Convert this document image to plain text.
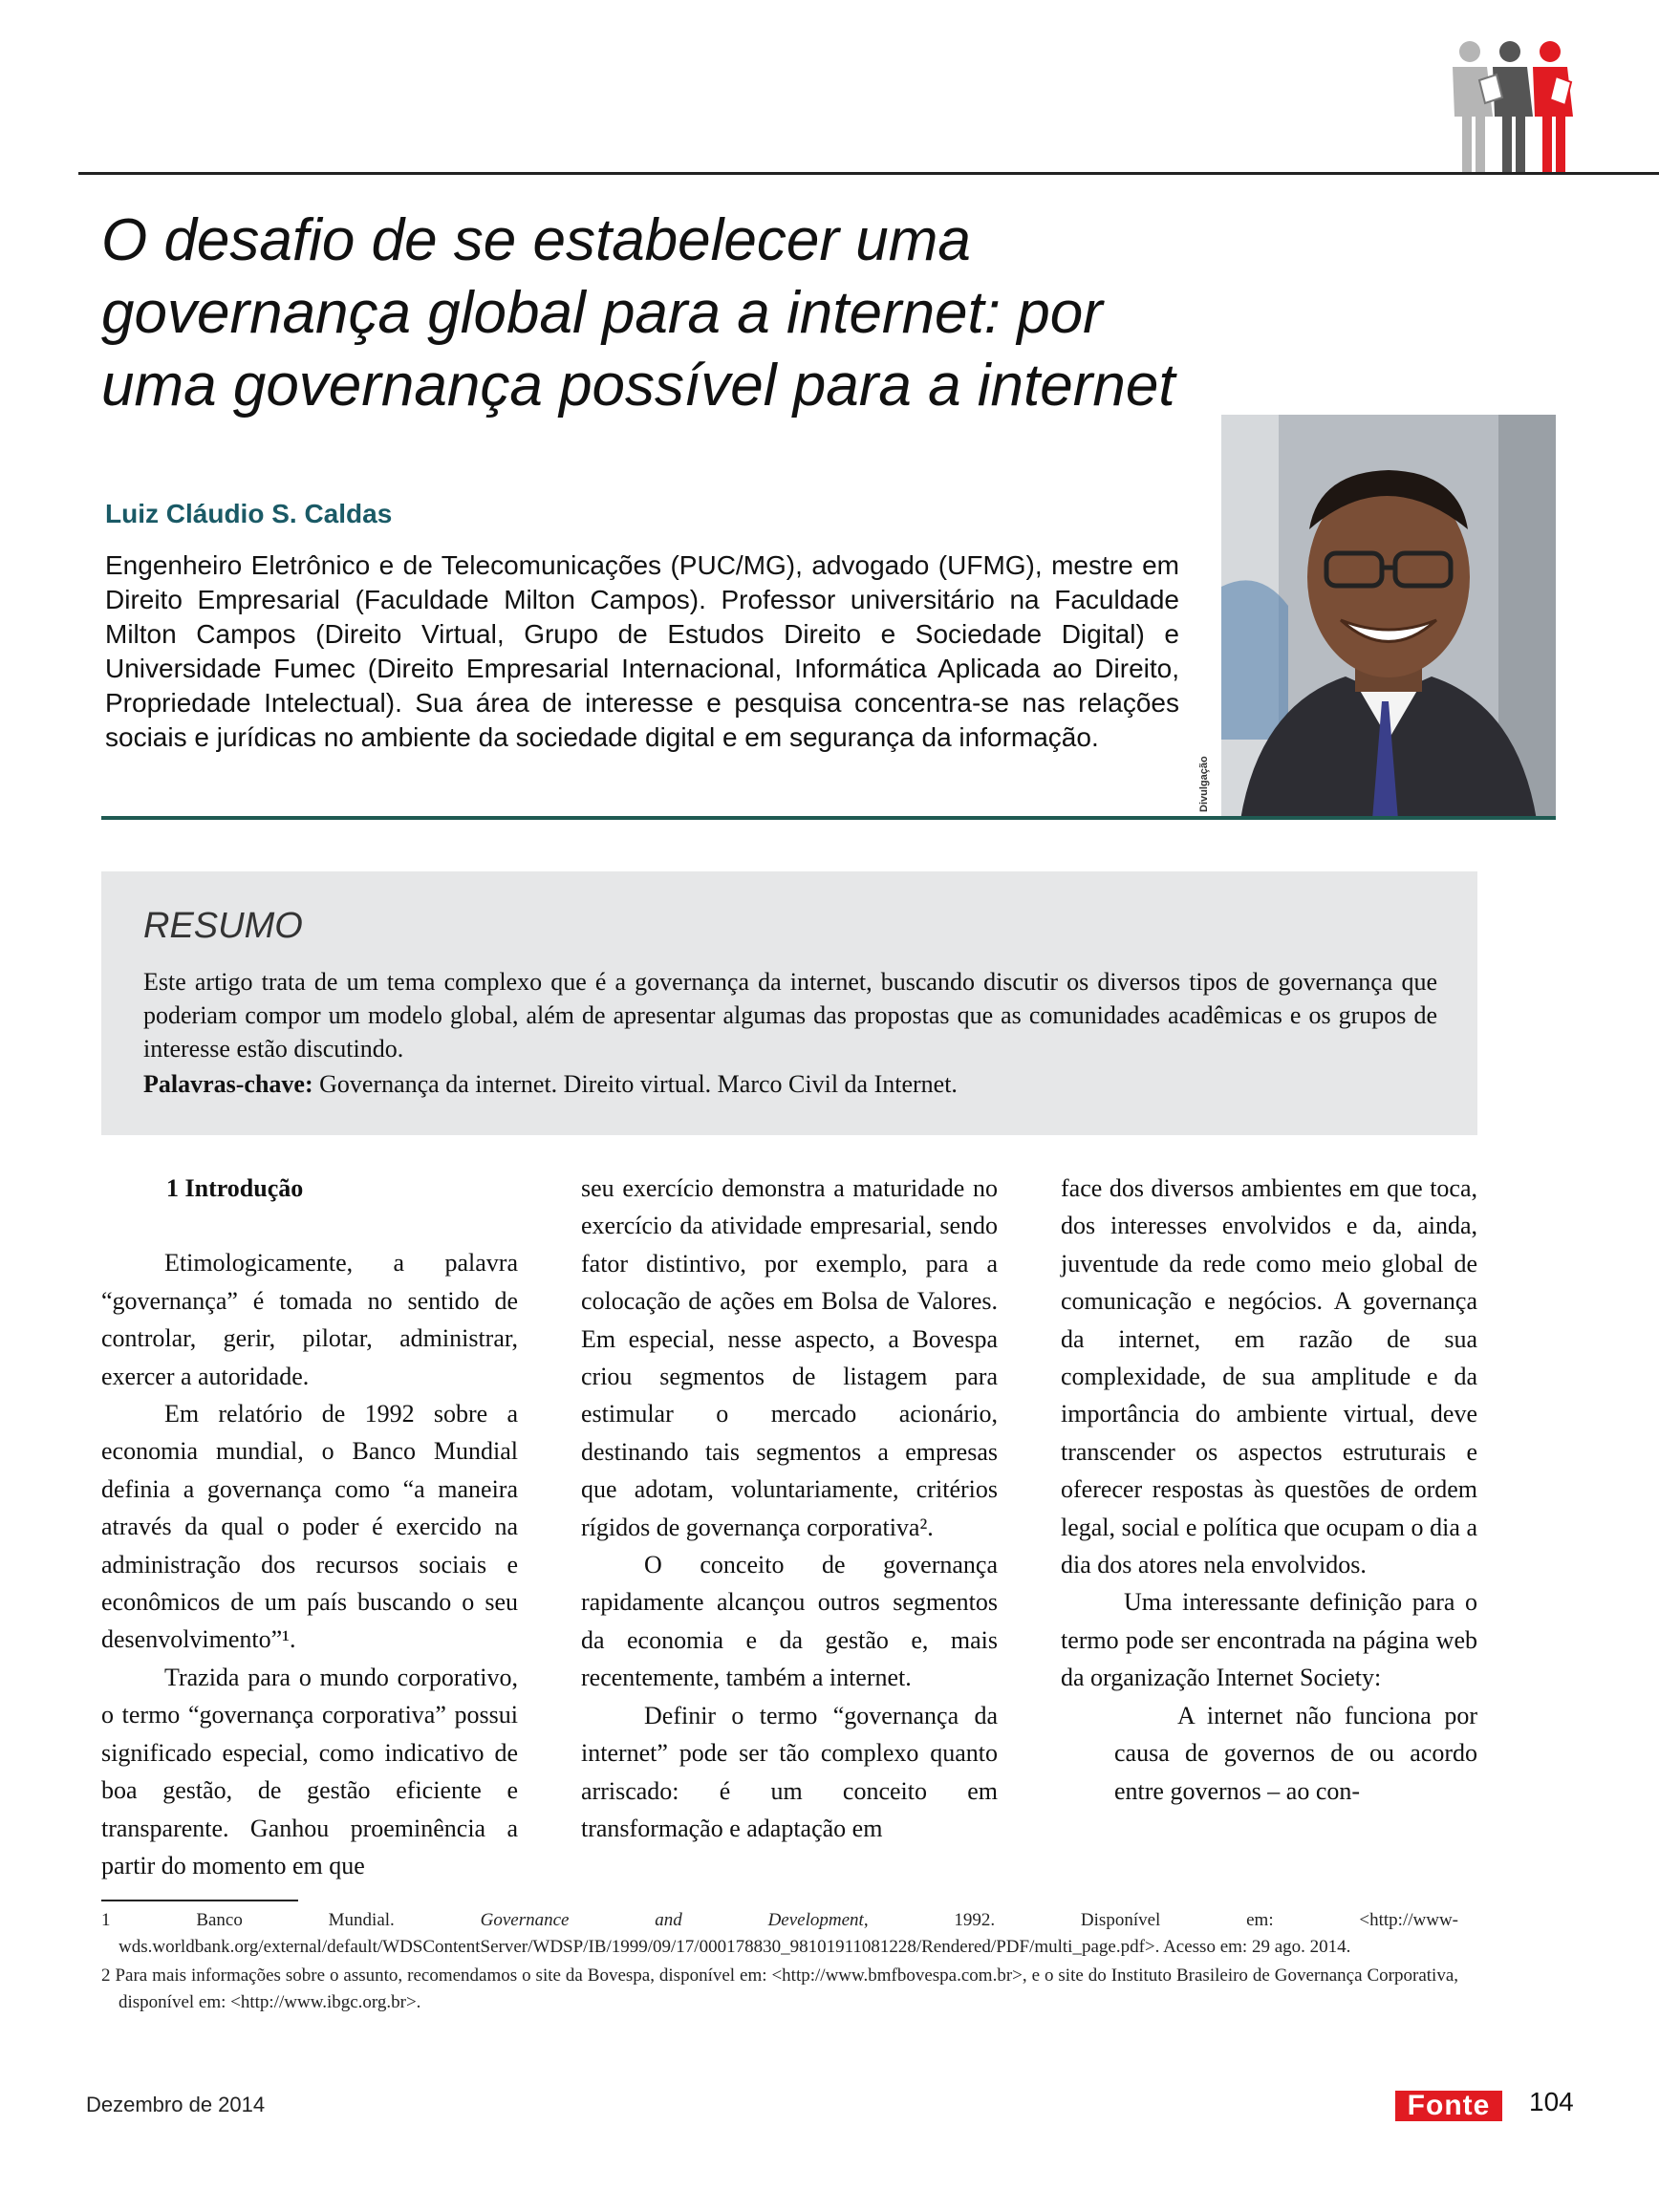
O desafio de se estabelecer uma governança global para a internet: por uma governança possível para a internet

Luiz Cláudio S. Caldas

Engenheiro Eletrônico e de Telecomunicações (PUC/MG), advogado (UFMG), mestre em Direito Empresarial (Faculdade Milton Campos). Professor universitário na Faculdade Milton Campos (Direito Virtual, Grupo de Estudos Direito e Sociedade Digital) e Universidade Fumec (Direito Empresarial Internacional, Informática Aplicada ao Direito, Propriedade Intelectual). Sua área de interesse e pesquisa concentra-se nas relações sociais e jurídicas no ambiente da sociedade digital e em segurança da informação.

Divulgação
RESUMO

Este artigo trata de um tema complexo que é a governança da internet, buscando discutir os diversos tipos de governança que poderiam compor um modelo global, além de apresentar algumas das propostas que as comunidades acadêmicas e os grupos de interesse estão discutindo.

Palavras-chave: Governança da internet. Direito virtual. Marco Civil da Internet.

1 Introdução

Etimologicamente, a palavra “governança” é tomada no sentido de controlar, gerir, pilotar, administrar, exercer a autoridade.

Em relatório de 1992 sobre a economia mundial, o Banco Mundial definia a governança como “a maneira através da qual o poder é exercido na administração dos recursos sociais e econômicos de um país buscando o seu desenvolvimento”¹.

Trazida para o mundo corporativo, o termo “governança corporativa” possui significado especial, como indicativo de boa gestão, de gestão eficiente e transparente. Ganhou proeminência a partir do momento em que

seu exercício demonstra a maturidade no exercício da atividade empresarial, sendo fator distintivo, por exemplo, para a colocação de ações em Bolsa de Valores. Em especial, nesse aspecto, a Bovespa criou segmentos de listagem para estimular o mercado acionário, destinando tais segmentos a empresas que adotam, voluntariamente, critérios rígidos de governança corporativa².

O conceito de governança rapidamente alcançou outros segmentos da economia e da gestão e, mais recentemente, também a internet.

Definir o termo “governança da internet” pode ser tão complexo quanto arriscado: é um conceito em transformação e adaptação em

face dos diversos ambientes em que toca, dos interesses envolvidos e da, ainda, juventude da rede como meio global de comunicação e negócios. A governança da internet, em razão de sua complexidade, de sua amplitude e da importância do ambiente virtual, deve transcender os aspectos estruturais e oferecer respostas às questões de ordem legal, social e política que ocupam o dia a dia dos atores nela envolvidos.

Uma interessante definição para o termo pode ser encontrada na página web da organização Internet Society:

A internet não funciona por causa de governos de ou acordo entre governos – ao con-

1	Banco Mundial. Governance and Development, 1992. Disponível em: <http://www-wds.worldbank.org/external/default/WDSContentServer/WDSP/IB/1999/09/17/000178830_98101911081228/Rendered/PDF/multi_page.pdf>. Acesso em: 29 ago. 2014.

2 Para mais informações sobre o assunto, recomendamos o site da Bovespa, disponível em: <http://www.bmfbovespa.com.br>, e o site do Instituto Brasileiro de Governança Corporativa, disponível em: <http://www.ibgc.org.br>.

Dezembro de 2014	Fonte	104
